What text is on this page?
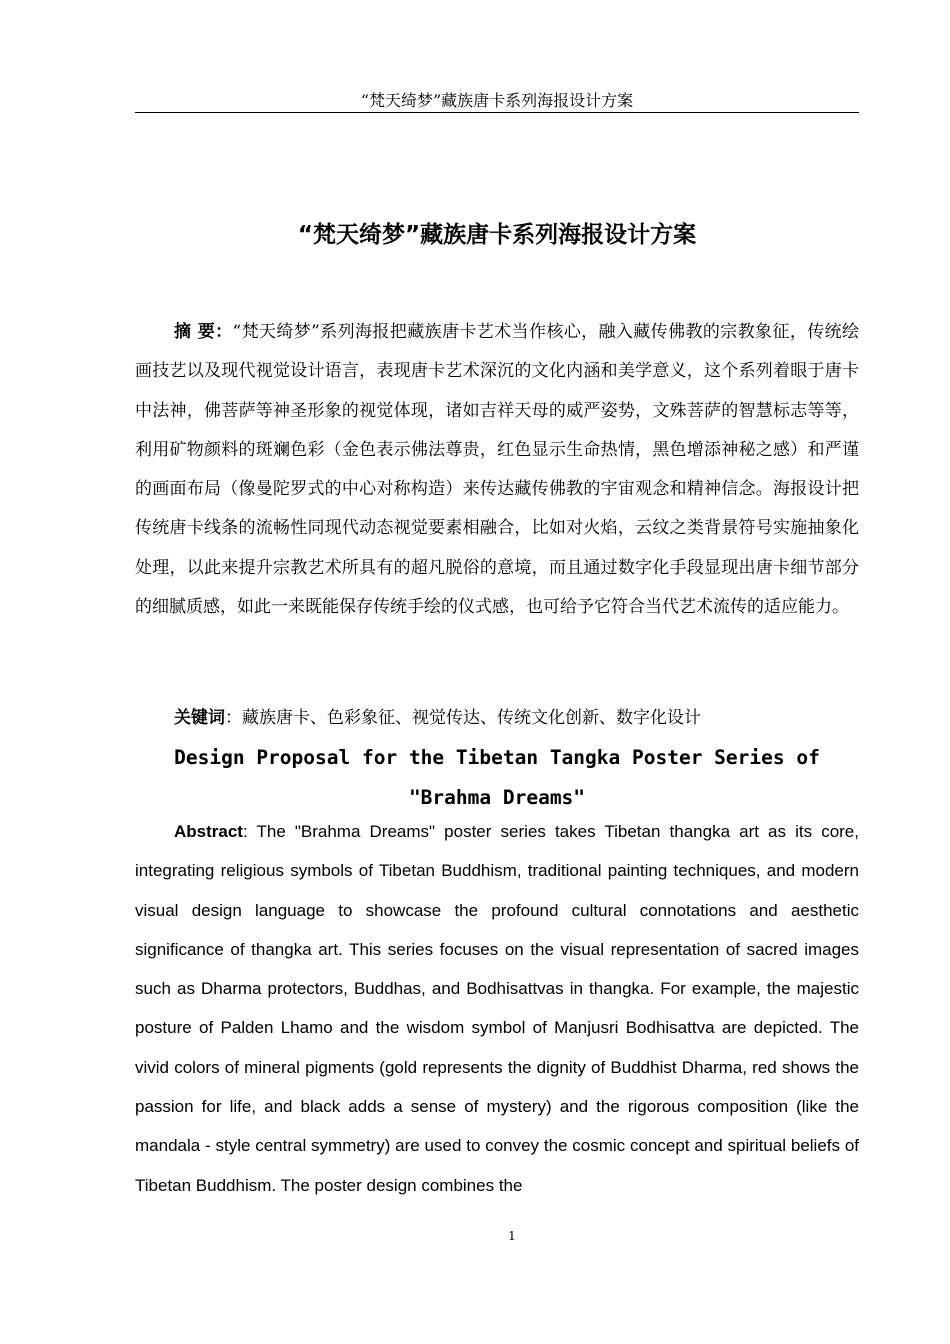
“梵天绮梦”藏族唐卡系列海报设计方案
“梵天绮梦”藏族唐卡系列海报设计方案

摘 要：“梵天绮梦”系列海报把藏族唐卡艺术当作核心，融入藏传佛教的宗教象征，传统绘画技艺以及现代视觉设计语言，表现唐卡艺术深沉的文化内涵和美学意义，这个系列着眼于唐卡中法神，佛菩萨等神圣形象的视觉体现，诸如吉祥天母的威严姿势，文殊菩萨的智慧标志等等，利用矿物颜料的斑斓色彩（金色表示佛法尊贵，红色显示生命热情，黑色增添神秘之感）和严谨的画面布局（像曼陀罗式的中心对称构造）来传达藏传佛教的宇宙观念和精神信念。海报设计把传统唐卡线条的流畅性同现代动态视觉要素相融合，比如对火焰，云纹之类背景符号实施抽象化处理，以此来提升宗教艺术所具有的超凡脱俗的意境，而且通过数字化手段显现出唐卡细节部分的细腻质感，如此一来既能保存传统手绘的仪式感，也可给予它符合当代艺术流传的适应能力。

关键词：藏族唐卡、色彩象征、视觉传达、传统文化创新、数字化设计
Design Proposal for the Tibetan Tangka Poster Series of
"Brahma Dreams"

Abstract: The "Brahma Dreams" poster series takes Tibetan thangka art as its core, integrating religious symbols of Tibetan Buddhism, traditional painting techniques, and modern visual design language to showcase the profound cultural connotations and aesthetic significance of thangka art. This series focuses on the visual representation of sacred images such as Dharma protectors, Buddhas, and Bodhisattvas in thangka. For example, the majestic posture of Palden Lhamo and the wisdom symbol of Manjusri Bodhisattva are depicted. The vivid colors of mineral pigments (gold represents the dignity of Buddhist Dharma, red shows the passion for life, and black adds a sense of mystery) and the rigorous composition (like the mandala - style central symmetry) are used to convey the cosmic concept and spiritual beliefs of Tibetan Buddhism. The poster design combines the

1
